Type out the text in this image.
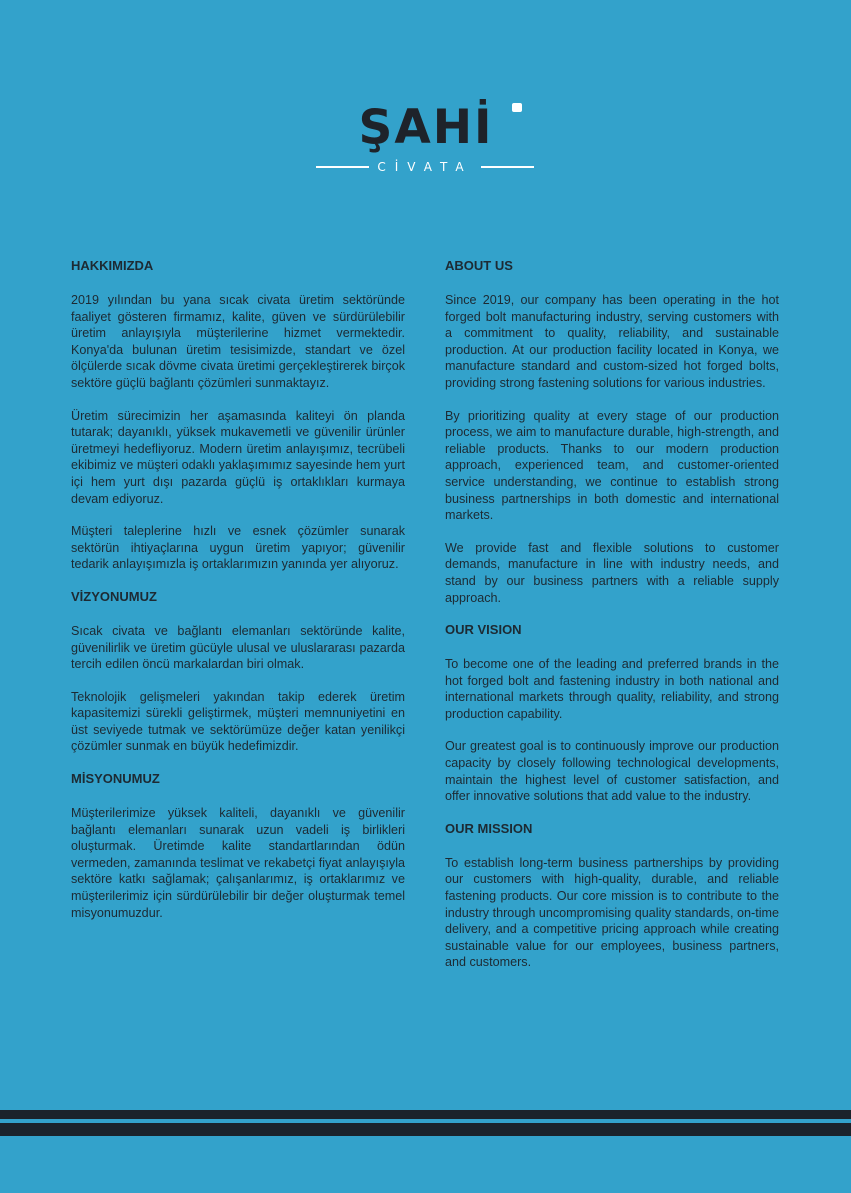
ŞAHİ
CİVATA
HAKKIMIZDA

2019 yılından bu yana sıcak civata üretim sektöründe faaliyet gösteren firmamız, kalite, güven ve sürdürülebilir üretim anlayışıyla müşterilerine hizmet vermektedir. Konya'da bulunan üretim tesisimizde, standart ve özel ölçülerde sıcak dövme civata üretimi gerçekleştirerek birçok sektöre güçlü bağlantı çözümleri sunmaktayız.

Üretim sürecimizin her aşamasında kaliteyi ön planda tutarak; dayanıklı, yüksek mukavemetli ve güvenilir ürünler üretmeyi hedefliyoruz. Modern üretim anlayışımız, tecrübeli ekibimiz ve müşteri odaklı yaklaşımımız sayesinde hem yurt içi hem yurt dışı pazarda güçlü iş ortaklıkları kurmaya devam ediyoruz.

Müşteri taleplerine hızlı ve esnek çözümler sunarak sektörün ihtiyaçlarına uygun üretim yapıyor; güvenilir tedarik anlayışımızla iş ortaklarımızın yanında yer alıyoruz.

VİZYONUMUZ

Sıcak civata ve bağlantı elemanları sektöründe kalite, güvenilirlik ve üretim gücüyle ulusal ve uluslararası pazarda tercih edilen öncü markalardan biri olmak.

Teknolojik gelişmeleri yakından takip ederek üretim kapasitemizi sürekli geliştirmek, müşteri memnuniyetini en üst seviyede tutmak ve sektörümüze değer katan yenilikçi çözümler sunmak en büyük hedefimizdir.

MİSYONUMUZ

Müşterilerimize yüksek kaliteli, dayanıklı ve güvenilir bağlantı elemanları sunarak uzun vadeli iş birlikleri oluşturmak. Üretimde kalite standartlarından ödün vermeden, zamanında teslimat ve rekabetçi fiyat anlayışıyla sektöre katkı sağlamak; çalışanlarımız, iş ortaklarımız ve müşterilerimiz için sürdürülebilir bir değer oluşturmak temel misyonumuzdur.

ABOUT US

Since 2019, our company has been operating in the hot forged bolt manufacturing industry, serving customers with a commitment to quality, reliability, and sustainable production. At our production facility located in Konya, we manufacture standard and custom-sized hot forged bolts, providing strong fastening solutions for various industries.

By prioritizing quality at every stage of our production process, we aim to manufacture durable, high-strength, and reliable products. Thanks to our modern production approach, experienced team, and customer-oriented service understanding, we continue to establish strong business partnerships in both domestic and international markets.

We provide fast and flexible solutions to customer demands, manufacture in line with industry needs, and stand by our business partners with a reliable supply approach.

OUR VISION

To become one of the leading and preferred brands in the hot forged bolt and fastening industry in both national and international markets through quality, reliability, and strong production capability.

Our greatest goal is to continuously improve our production capacity by closely following technological developments, maintain the highest level of customer satisfaction, and offer innovative solutions that add value to the industry.

OUR MISSION

To establish long-term business partnerships by providing our customers with high-quality, durable, and reliable fastening products. Our core mission is to contribute to the industry through uncompromising quality standards, on-time delivery, and a competitive pricing approach while creating sustainable value for our employees, business partners, and customers.
